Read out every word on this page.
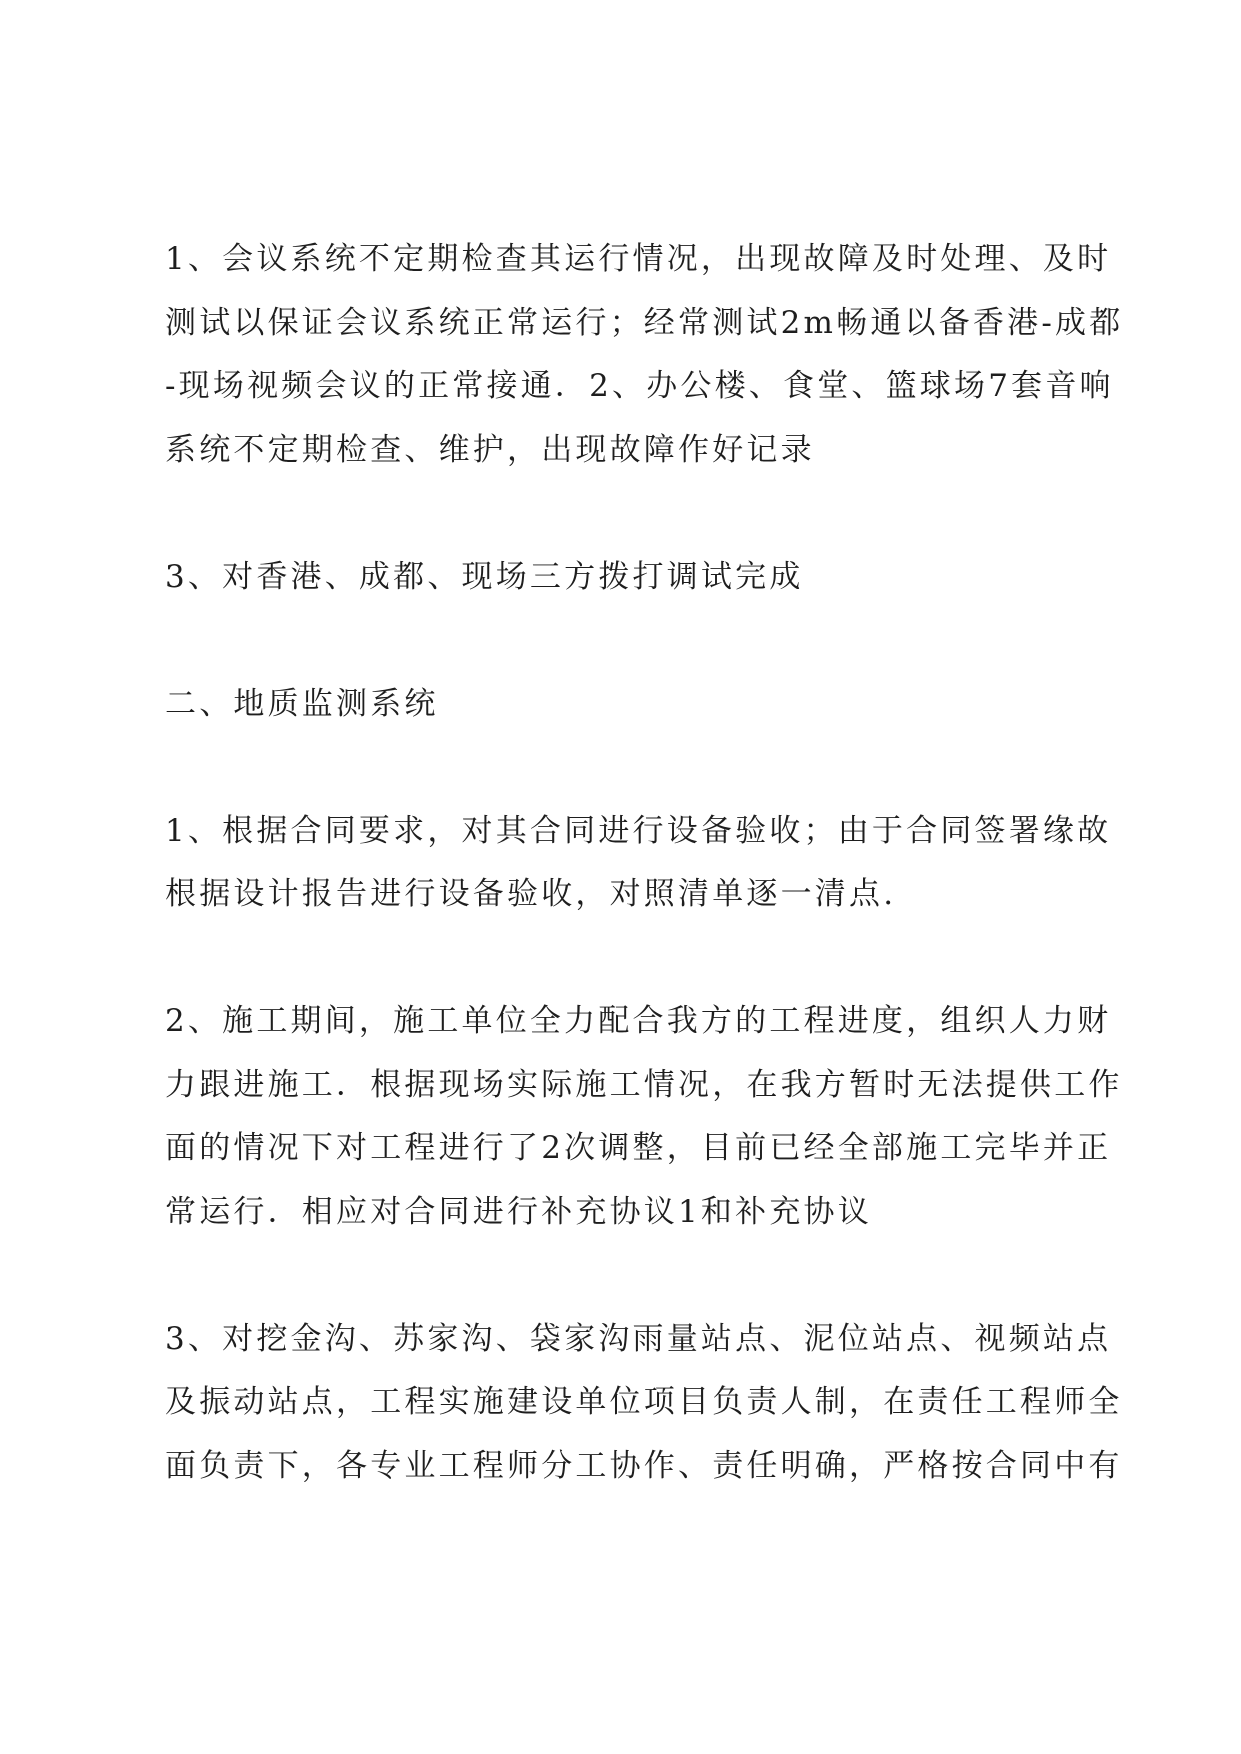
1、会议系统不定期检查其运行情况，出现故障及时处理、及时
测试以保证会议系统正常运行；经常测试2m畅通以备香港-成都
-现场视频会议的正常接通．2、办公楼、食堂、篮球场7套音响
系统不定期检查、维护，出现故障作好记录

3、对香港、成都、现场三方拨打调试完成

二、地质监测系统

1、根据合同要求，对其合同进行设备验收；由于合同签署缘故
根据设计报告进行设备验收，对照清单逐一清点.

2、施工期间，施工单位全力配合我方的工程进度，组织人力财
力跟进施工．根据现场实际施工情况，在我方暂时无法提供工作
面的情况下对工程进行了2次调整，目前已经全部施工完毕并正
常运行．相应对合同进行补充协议1和补充协议

3、对挖金沟、苏家沟、袋家沟雨量站点、泥位站点、视频站点
及振动站点，工程实施建设单位项目负责人制，在责任工程师全
面负责下，各专业工程师分工协作、责任明确，严格按合同中有
